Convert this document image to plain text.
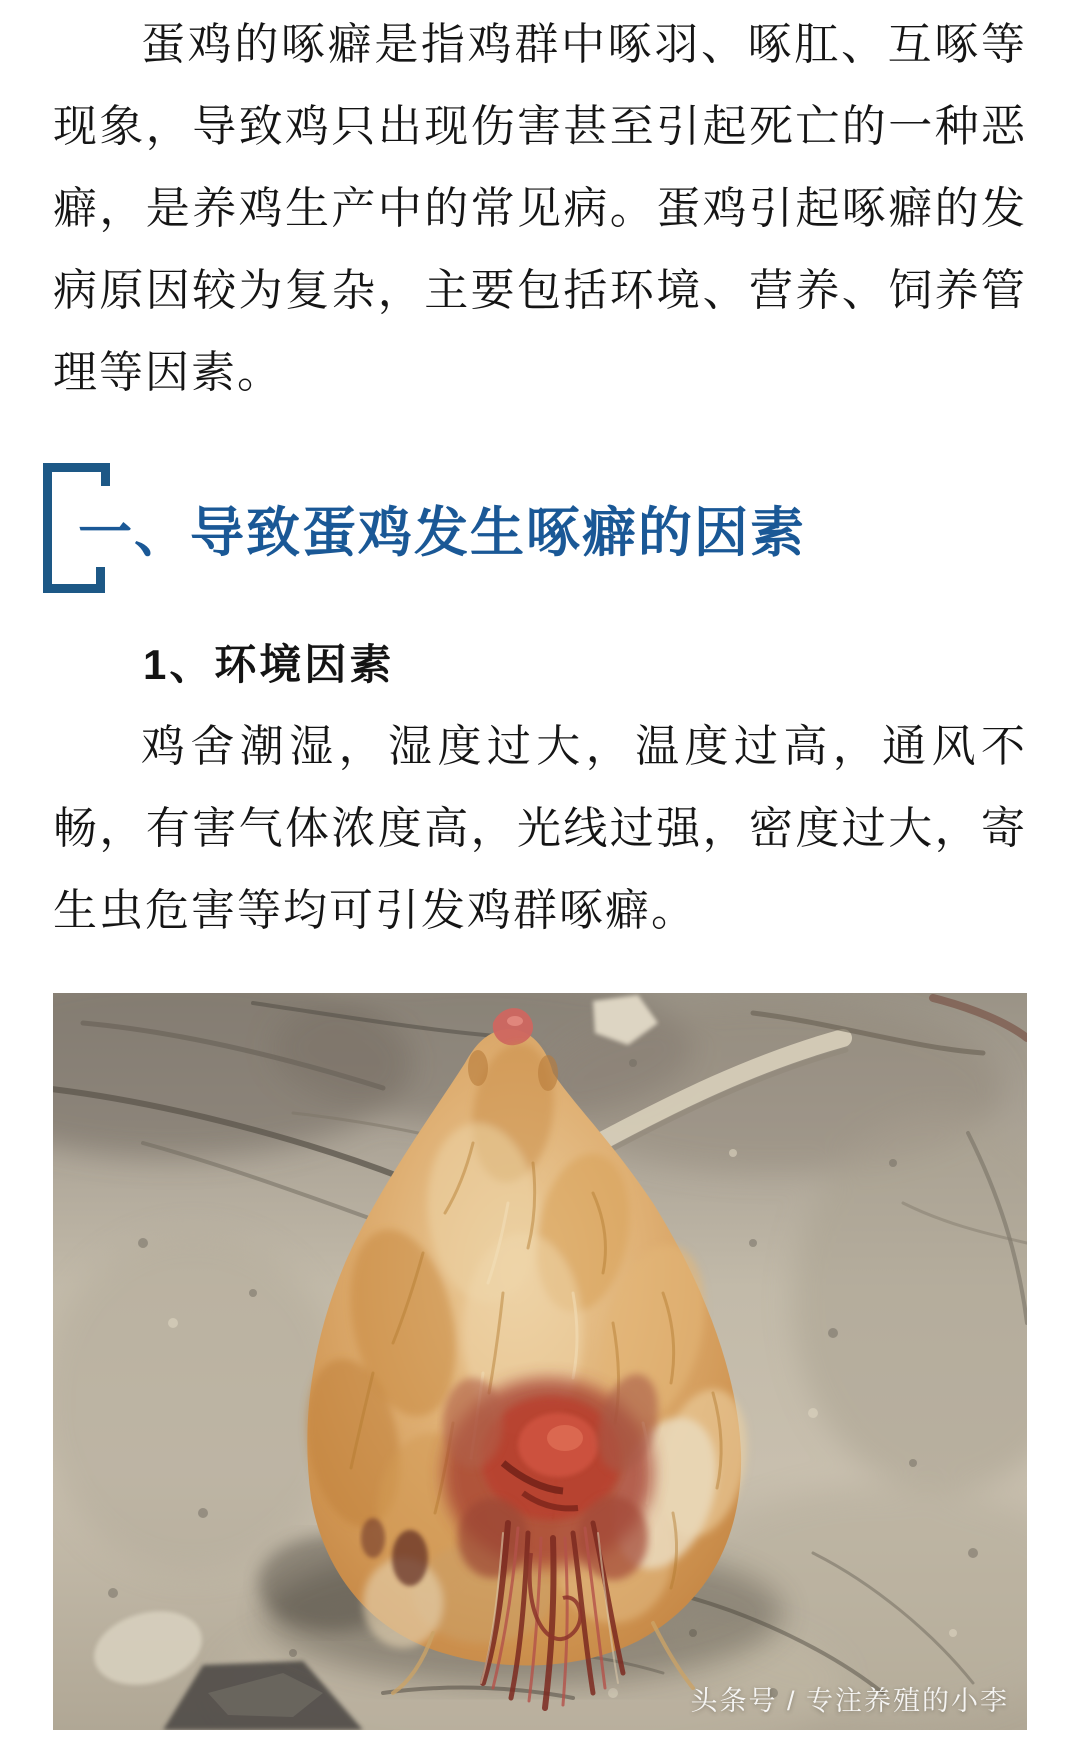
蛋鸡的啄癖是指鸡群中啄羽、啄肛、互啄等现象，导致鸡只出现伤害甚至引起死亡的一种恶癖，是养鸡生产中的常见病。蛋鸡引起啄癖的发病原因较为复杂，主要包括环境、营养、饲养管理等因素。

一、导致蛋鸡发生啄癖的因素
1、环境因素

鸡舍潮湿，湿度过大，温度过高，通风不畅，有害气体浓度高，光线过强，密度过大，寄生虫危害等均可引发鸡群啄癖。

头条号 / 专注养殖的小李
